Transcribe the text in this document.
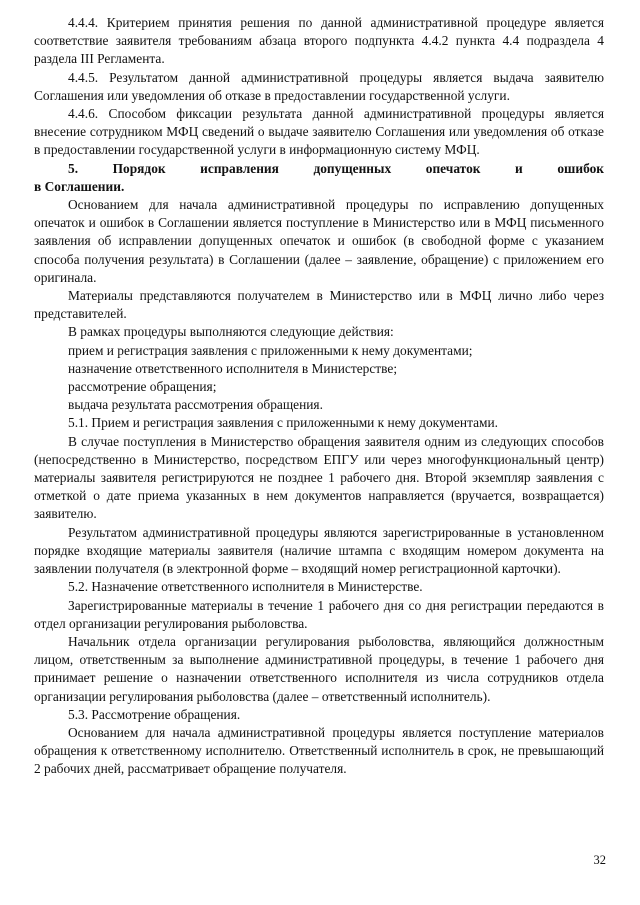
4.4.4. Критерием принятия решения по данной административной процедуре является соответствие заявителя требованиям абзаца второго подпункта 4.4.2 пункта 4.4 подраздела 4 раздела III Регламента.

4.4.5. Результатом данной административной процедуры является выдача заявителю Соглашения или уведомления об отказе в предоставлении государственной услуги.

4.4.6. Способом фиксации результата данной административной процедуры является внесение сотрудником МФЦ сведений о выдаче заявителю Соглашения или уведомления об отказе в предоставлении государственной услуги в информационную систему МФЦ.

5. Порядок исправления допущенных опечаток и ошибок

в Соглашении.

Основанием для начала административной процедуры по исправлению допущенных опечаток и ошибок в Соглашении является поступление в Министерство или в МФЦ письменного заявления об исправлении допущенных опечаток и ошибок (в свободной форме с указанием способа получения результата) в Соглашении (далее – заявление, обращение) с приложением его оригинала.

Материалы представляются получателем в Министерство или в МФЦ лично либо через представителей.

В рамках процедуры выполняются следующие действия:

прием и регистрация заявления с приложенными к нему документами;

назначение ответственного исполнителя в Министерстве;

рассмотрение обращения;

выдача результата рассмотрения обращения.

5.1. Прием и регистрация заявления с приложенными к нему документами.

В случае поступления в Министерство обращения заявителя одним из следующих способов (непосредственно в Министерство, посредством ЕПГУ или через многофункциональный центр) материалы заявителя регистрируются не позднее 1 рабочего дня. Второй экземпляр заявления с отметкой о дате приема указанных в нем документов направляется (вручается, возвращается) заявителю.

Результатом административной процедуры являются зарегистрированные в установленном порядке входящие материалы заявителя (наличие штампа с входящим номером документа на заявлении получателя (в электронной форме – входящий номер регистрационной карточки).

5.2. Назначение ответственного исполнителя в Министерстве.

Зарегистрированные материалы в течение 1 рабочего дня со дня регистрации передаются в отдел организации регулирования рыболовства.

Начальник отдела организации регулирования рыболовства, являющийся должностным лицом, ответственным за выполнение административной процедуры, в течение 1 рабочего дня принимает решение о назначении ответственного исполнителя из числа сотрудников отдела организации регулирования рыболовства (далее – ответственный исполнитель).

5.3. Рассмотрение обращения.

Основанием для начала административной процедуры является поступление материалов обращения к ответственному исполнителю. Ответственный исполнитель в срок, не превышающий 2 рабочих дней, рассматривает обращение получателя.

32
